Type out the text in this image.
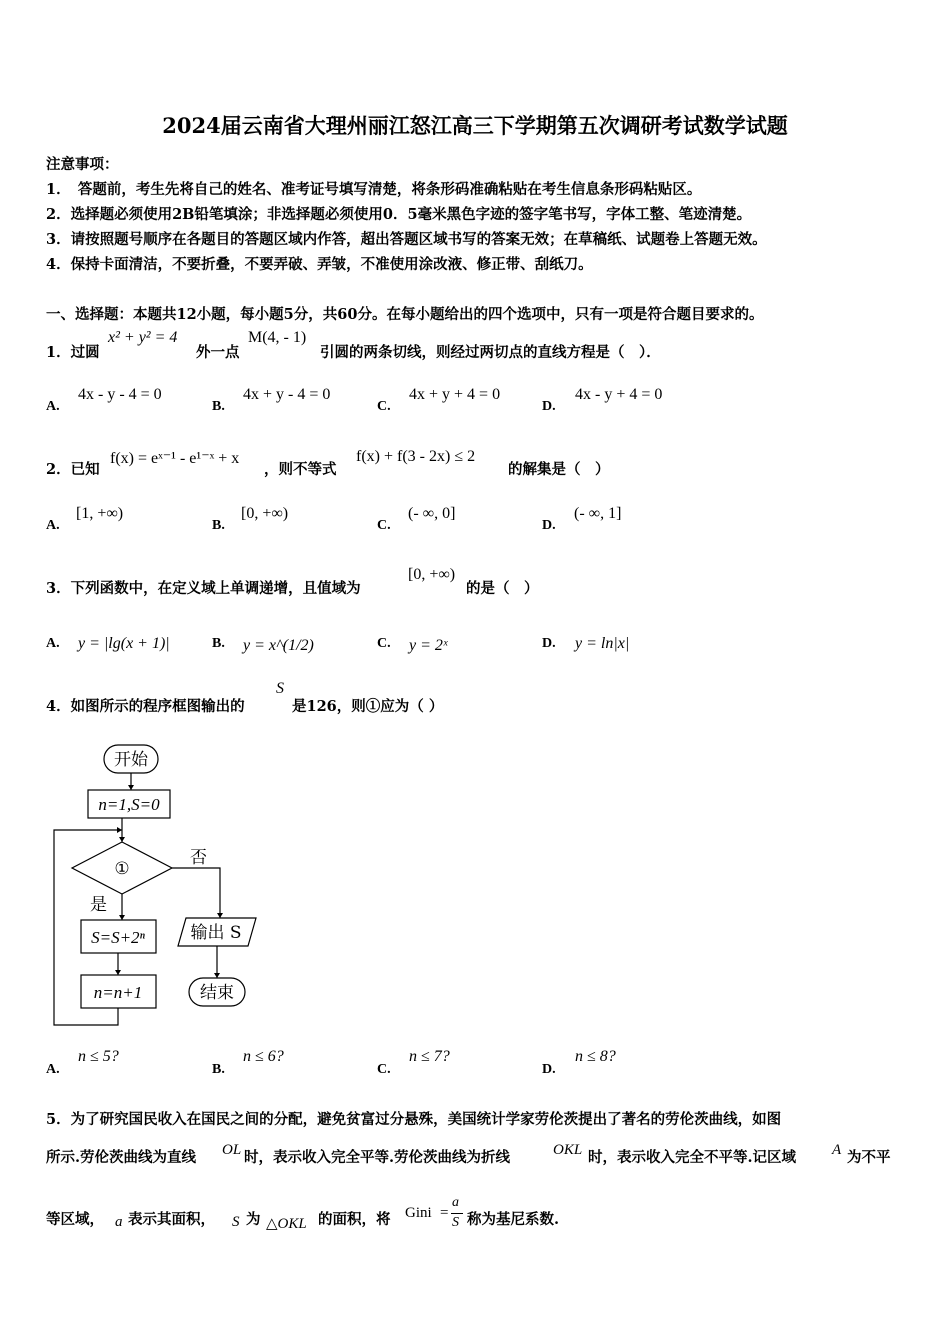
2024届云南省大理州丽江怒江高三下学期第五次调研考试数学试题
注意事项：
1．　答题前，考生先将自己的姓名、准考证号填写清楚，将条形码准确粘贴在考生信息条形码粘贴区。
2．选择题必须使用2B铅笔填涂；非选择题必须使用0．5毫米黑色字迹的签字笔书写，字体工整、笔迹清楚。
3．请按照题号顺序在各题目的答题区域内作答，超出答题区域书写的答案无效；在草稿纸、试题卷上答题无效。
4．保持卡面清洁，不要折叠，不要弄破、弄皱，不准使用涂改液、修正带、刮纸刀。
一、选择题：本题共12小题，每小题5分，共60分。在每小题给出的四个选项中，只有一项是符合题目要求的。
1．过圆
x² + y² = 4
外一点
M(4, - 1)
引圆的两条切线，则经过两切点的直线方程是（　）．
A.
4x - y - 4 = 0
B.
4x + y - 4 = 0
C.
4x + y + 4 = 0
D.
4x - y + 4 = 0
2．已知
f(x) = eˣ⁻¹ - e¹⁻ˣ + x
，则不等式
f(x) + f(3 - 2x) ≤ 2
的解集是（　）
A.
[1, +∞)
B.
[0, +∞)
C.
(- ∞, 0]
D.
(- ∞, 1]
3．下列函数中，在定义域上单调递增，且值域为
[0, +∞)
的是（　）
A. y = |lg(x + 1)|	B. y = x^(1/2)	C. y = 2ˣ	D. y = ln|x|
4．如图所示的程序框图输出的
S
是126，则①应为（ ）
开始
n=1,S=0
①
否
是
S=S+2ⁿ
n=n+1
输出 S
结束
A.
n ≤ 5?
B.
n ≤ 6?
C.
n ≤ 7?
D.
n ≤ 8?
5．为了研究国民收入在国民之间的分配，避免贫富过分悬殊，美国统计学家劳伦茨提出了著名的劳伦茨曲线，如图
所示.劳伦茨曲线为直线 OL 时，表示收入完全平等.劳伦茨曲线为折线	OKL 时，表示收入完全不平等.记区域 A 为不平
等区域， a 表示其面积， S 为 △OKL 的面积，将 Gini =
a
S 称为基尼系数.
